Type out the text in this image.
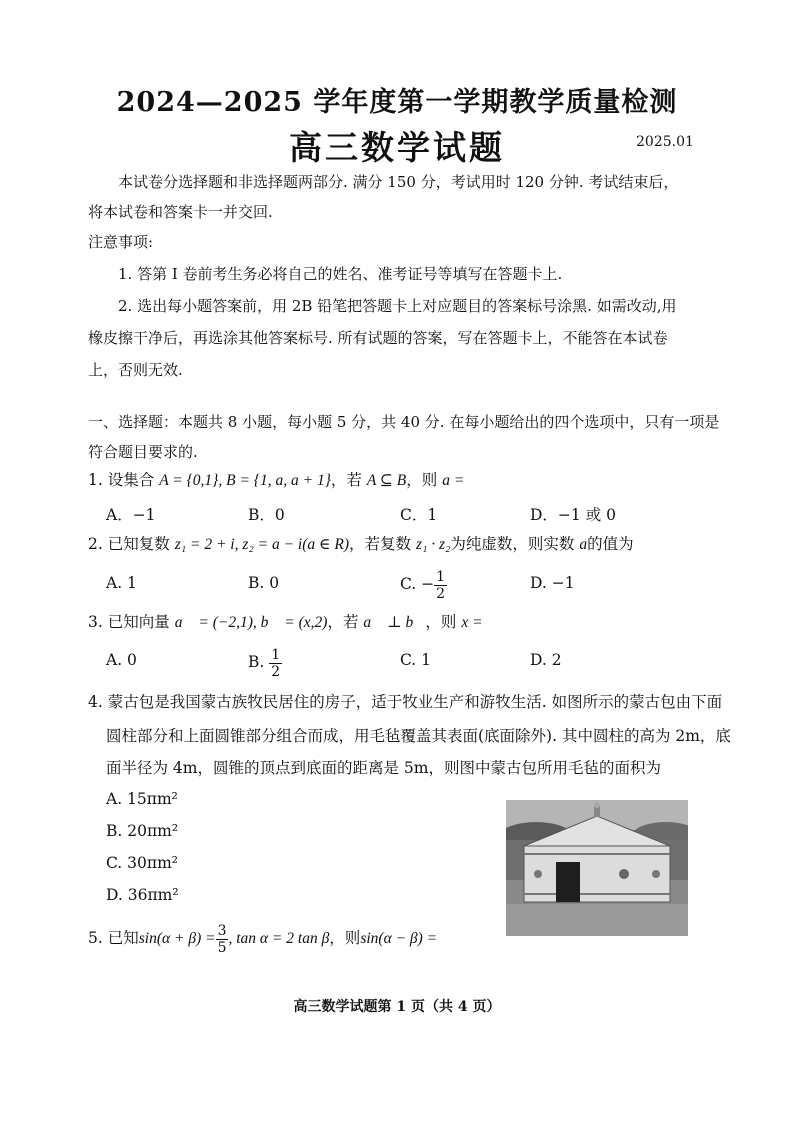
2024—2025 学年度第一学期教学质量检测
高三数学试题	2025.01
本试卷分选择题和非选择题两部分. 满分 150 分，考试用时 120 分钟. 考试结束后，
将本试卷和答案卡一并交回.
注意事项:
1. 答第 I 卷前考生务必将自己的姓名、准考证号等填写在答题卡上.
2. 选出每小题答案前，用 2B 铅笔把答题卡上对应题目的答案标号涂黑. 如需改动,用
橡皮擦干净后，再选涂其他答案标号. 所有试题的答案，写在答题卡上，不能答在本试卷
上，否则无效.
一、选择题：本题共 8 小题，每小题 5 分，共 40 分. 在每小题给出的四个选项中，只有一项是
符合题目要求的.
1. 设集合 A = {0,1}, B = {1, a, a + 1}，若 A ⊆ B，则 a =
A．−1	B．0	C．1	D．−1 或 0
2. 已知复数 z₁ = 2 + i, z₂ = a − i(a ∈ R)，若复数 z₁ · z₂为纯虚数，则实数 a的值为
A. 1	B. 0	C. − $\frac{1}{2}$	D. −1
3. 已知向量 a⃗ = (−2,1), b⃗ = (x,2)，若 a⃗ ⊥ b⃗，则 x =
A. 0	B. $\frac{1}{2}$	C. 1	D. 2
4. 蒙古包是我国蒙古族牧民居住的房子，适于牧业生产和游牧生活. 如图所示的蒙古包由下面
圆柱部分和上面圆锥部分组合而成，用毛毡覆盖其表面(底面除外). 其中圆柱的高为 2m，底
面半径为 4m，圆锥的顶点到底面的距离是 5m，则图中蒙古包所用毛毡的面积为
A. 15πm²
B. 20πm²
C. 30πm²
D. 36πm²
5. 已知$\sin(\alpha + \beta) = \frac{3}{5}$ , tan α = 2 tan β，则sin(α − β) =
高三数学试题第 1 页（共 4 页）
